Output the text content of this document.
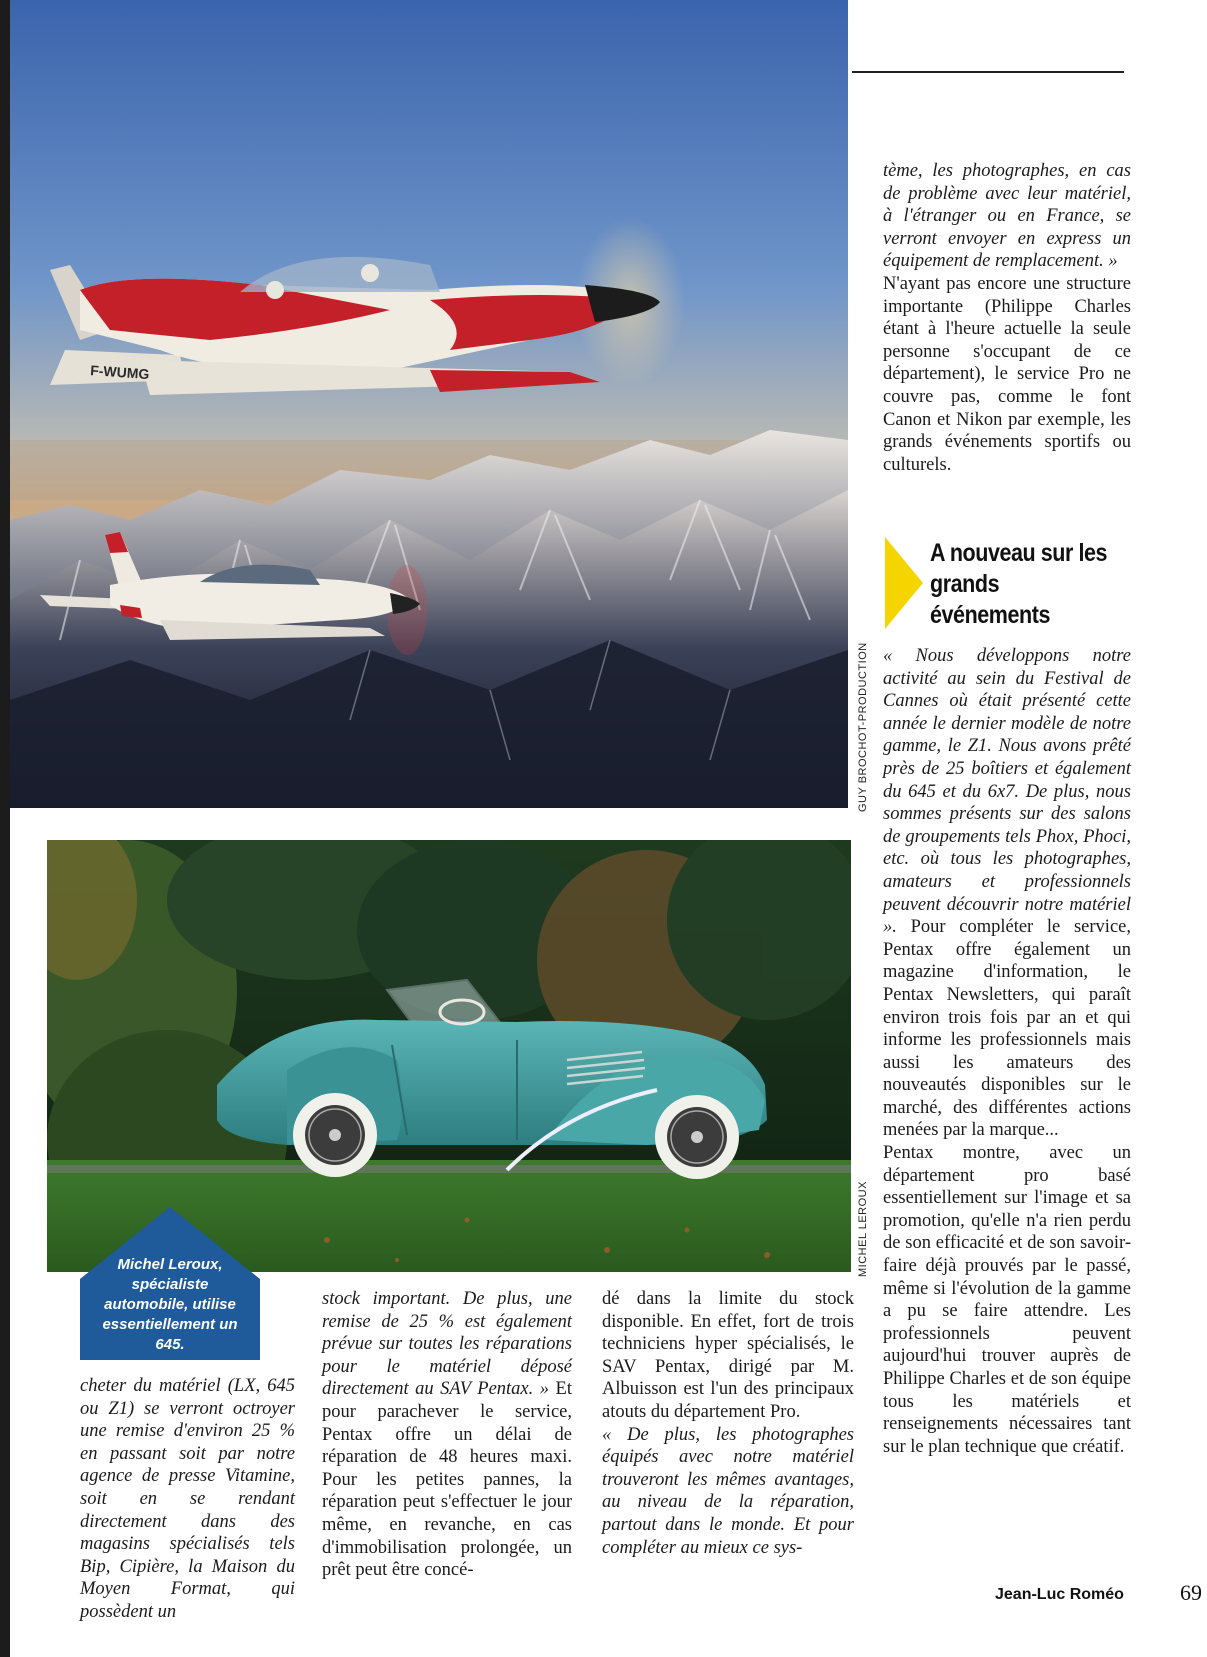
F-WUMG
GUY BROCHOT-PRODUCTION

tème, les photographes, en cas de problème avec leur matériel, à l'étranger ou en France, se verront envoyer en express un équipement de remplacement. »

N'ayant pas encore une structure importante (Philippe Charles étant à l'heure actuelle la seule personne s'occupant de ce département), le service Pro ne couvre pas, comme le font Canon et Nikon par exemple, les grands événements sportifs ou culturels.

A nouveau sur les grands événements

« Nous développons notre activité au sein du Festival de Cannes où était présenté cette année le dernier modèle de notre gamme, le Z1. Nous avons prêté près de 25 boîtiers et également du 645 et du 6x7. De plus, nous sommes présents sur des salons de groupements tels Phox, Phoci, etc. où tous les photographes, amateurs et professionnels peuvent découvrir notre matériel ». Pour compléter le service, Pentax offre également un magazine d'information, le Pentax Newsletters, qui paraît environ trois fois par an et qui informe les professionnels mais aussi les amateurs des nouveautés disponibles sur le marché, des différentes actions menées par la marque...

Pentax montre, avec un département pro basé essentiellement sur l'image et sa promotion, qu'elle n'a rien perdu de son efficacité et de son savoir-faire déjà prouvés par le passé, même si l'évolution de la gamme a pu se faire attendre. Les professionnels peuvent aujourd'hui trouver auprès de Philippe Charles et de son équipe tous les matériels et renseignements nécessaires tant sur le plan technique que créatif.

MICHEL LEROUX
Michel Leroux, spécialiste automobile, utilise essentiellement un 645.

cheter du matériel (LX, 645 ou Z1) se verront octroyer une remise d'environ 25 % en passant soit par notre agence de presse Vitamine, soit en se rendant directement dans des magasins spécialisés tels Bip, Cipière, la Maison du Moyen Format, qui possèdent un

stock important. De plus, une remise de 25 % est également prévue sur toutes les réparations pour le matériel déposé directement au SAV Pentax. » Et pour parachever le service, Pentax offre un délai de réparation de 48 heures maxi. Pour les petites pannes, la réparation peut s'effectuer le jour même, en revanche, en cas d'immobilisation prolongée, un prêt peut être concé-

dé dans la limite du stock disponible. En effet, fort de trois techniciens hyper spécialisés, le SAV Pentax, dirigé par M. Albuisson est l'un des principaux atouts du département Pro.

« De plus, les photographes équipés avec notre matériel trouveront les mêmes avantages, au niveau de la réparation, partout dans le monde. Et pour compléter au mieux ce sys-

Jean-Luc Roméo	69
